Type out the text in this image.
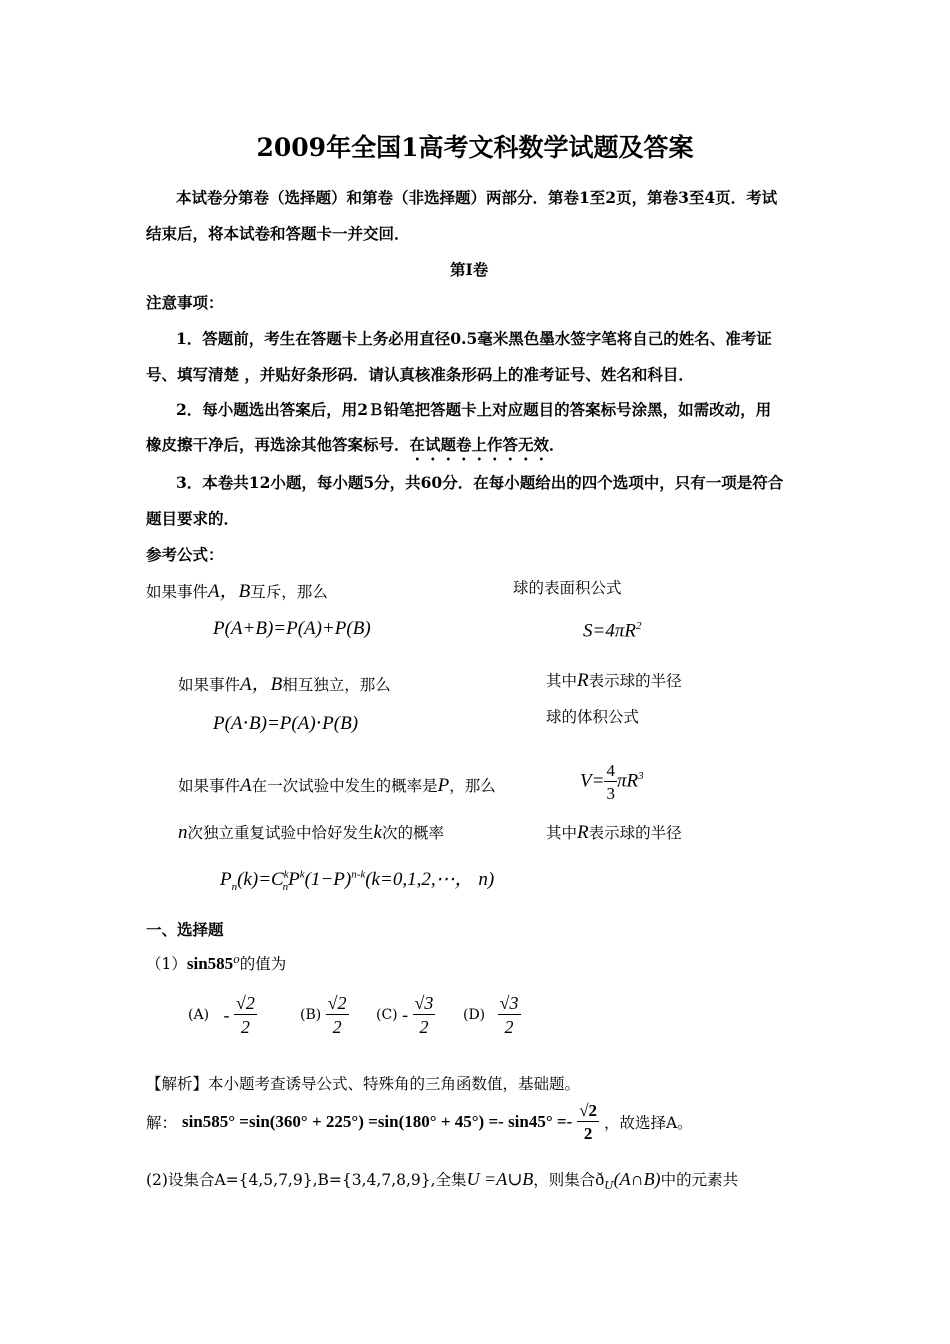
2009年全国1高考文科数学试题及答案
本试卷分第卷（选择题）和第卷（非选择题）两部分．第卷1至2页，第卷3至4页．考试
结束后，将本试卷和答题卡一并交回．
第Ⅰ卷
注意事项：
1．答题前，考生在答题卡上务必用直径0.5毫米黑色墨水签字笔将自己的姓名、准考证
号、填写清楚 ，并贴好条形码．请认真核准条形码上的准考证号、姓名和科目．
2．每小题选出答案后，用2Ｂ铅笔把答题卡上对应题目的答案标号涂黑，如需改动，用
橡皮擦干净后，再选涂其他答案标号．在试题卷上作答无效．
3．本卷共12小题，每小题5分，共60分．在每小题给出的四个选项中，只有一项是符合
题目要求的．
参考公式：
如果事件A，B互斥，那么
P(A+B)=P(A)+P(B)
如果事件A，B相互独立，那么
P(A⋅B)=P(A)⋅P(B)
如果事件A在一次试验中发生的概率是P，那么
n次独立重复试验中恰好发生k次的概率
$P_n(k)=C^k_nP^k(1-P)^{n-k}(k=0,1,2,\cdots$， n)
球的表面积公式
$S=4\pi R^2$
其中R表示球的半径
球的体积公式
$V= \frac{4}{3} \pi R^3$
其中R表示球的半径
一、选择题
（1）sin585$^o$的值为
$(A) - \frac{√2}{2}$	$(B) \frac{√2}{2} (C) - \frac{√3}{2} (D) \frac{√3}{2}$
【解析】本小题考查诱导公式、特殊角的三角函数值，基础题。
解： $\sin 585^\circ =\sin(360^\circ + 225^\circ) =\sin(180^\circ + 45^\circ) =- \sin 45^\circ =- \frac{√2}{2}$ ，故选择A。
(2)设集合A={4,5,7,9},B={3,4,7,8,9},全集U =A∪B，则集合$ð_U(A\cap B)$中的元素共
